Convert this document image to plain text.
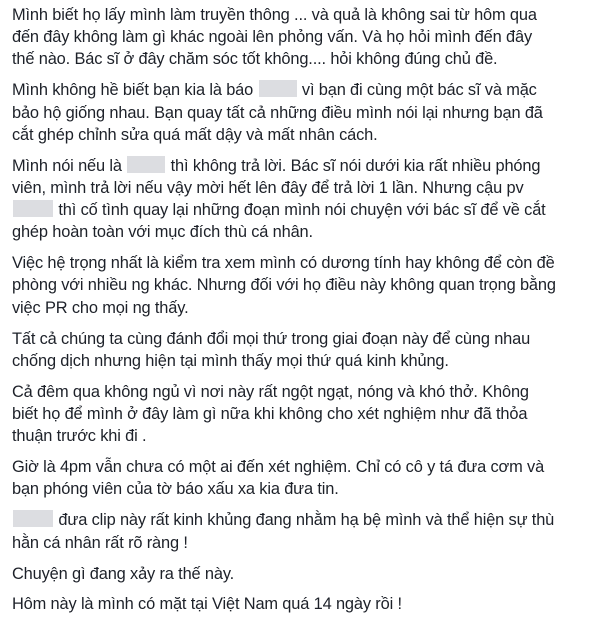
Mình biết họ lấy mình làm truyền thông ... và quả là không sai từ hôm qua
đến đây không làm gì khác ngoài lên phỏng vấn. Và họ hỏi mình đến đây
thế nào. Bác sĩ ở đây chăm sóc tốt không.... hỏi không đúng chủ đề.
Mình không hề biết bạn kia là báo	vì bạn đi cùng một bác sĩ và mặc
bảo hộ giống nhau. Bạn quay tất cả những điều mình nói lại nhưng bạn đã
cắt ghép chỉnh sửa quá mất dậy và mất nhân cách.
Mình nói nếu là	thì không trả lời. Bác sĩ nói dưới kia rất nhiều phóng
viên, mình trả lời nếu vậy mời hết lên đây để trả lời 1 lần. Nhưng cậu pv
thì cố tình quay lại những đoạn mình nói chuyện với bác sĩ để về cắt
ghép hoàn toàn với mục đích thù cá nhân.
Việc hệ trọng nhất là kiểm tra xem mình có dương tính hay không để còn đề
phòng với nhiều ng khác. Nhưng đối với họ điều này không quan trọng bằng
việc PR cho mọi ng thấy.
Tất cả chúng ta cùng đánh đổi mọi thứ trong giai đoạn này để cùng nhau
chống dịch nhưng hiện tại mình thấy mọi thứ quá kinh khủng.
Cả đêm qua không ngủ vì nơi này rất ngột ngạt, nóng và khó thở. Không
biết họ để mình ở đây làm gì nữa khi không cho xét nghiệm như đã thỏa
thuận trước khi đi .
Giờ là 4pm vẫn chưa có một ai đến xét nghiệm. Chỉ có cô y tá đưa cơm và
bạn phóng viên của tờ báo xấu xa kia đưa tin.
đưa clip này rất kinh khủng đang nhằm hạ bệ mình và thể hiện sự thù
hằn cá nhân rất rõ ràng !
Chuyện gì đang xảy ra thế này.
Hôm này là mình có mặt tại Việt Nam quá 14 ngày rồi !
